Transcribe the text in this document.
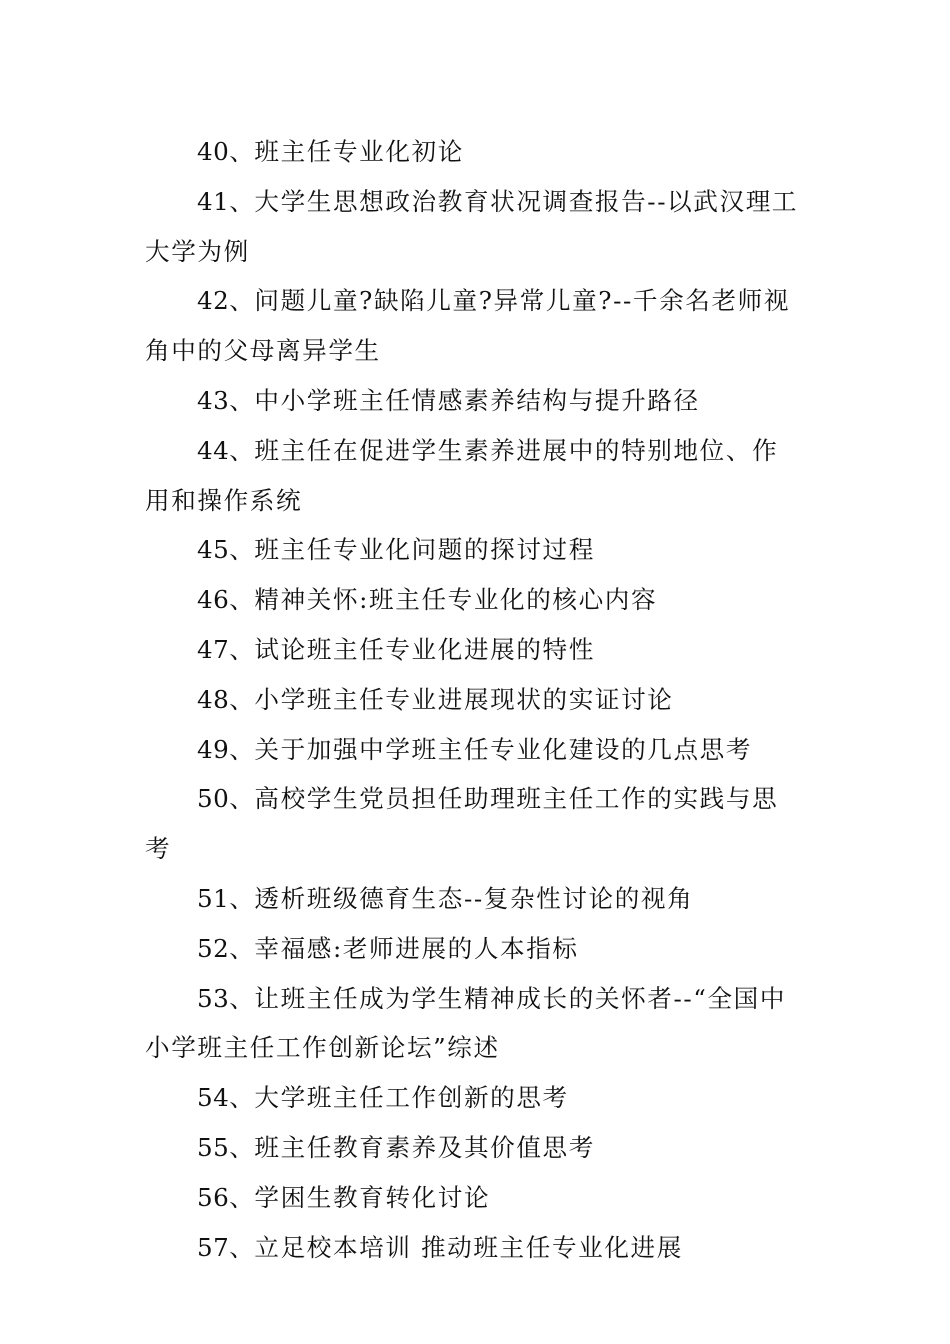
40、班主任专业化初论
41、大学生思想政治教育状况调查报告--以武汉理工大学为例
42、问题儿童?缺陷儿童?异常儿童?--千余名老师视角中的父母离异学生
43、中小学班主任情感素养结构与提升路径
44、班主任在促进学生素养进展中的特别地位、作用和操作系统
45、班主任专业化问题的探讨过程
46、精神关怀:班主任专业化的核心内容
47、试论班主任专业化进展的特性
48、小学班主任专业进展现状的实证讨论
49、关于加强中学班主任专业化建设的几点思考
50、高校学生党员担任助理班主任工作的实践与思考
51、透析班级德育生态--复杂性讨论的视角
52、幸福感:老师进展的人本指标
53、让班主任成为学生精神成长的关怀者--“全国中小学班主任工作创新论坛”综述
54、大学班主任工作创新的思考
55、班主任教育素养及其价值思考
56、学困生教育转化讨论
57、立足校本培训 推动班主任专业化进展
